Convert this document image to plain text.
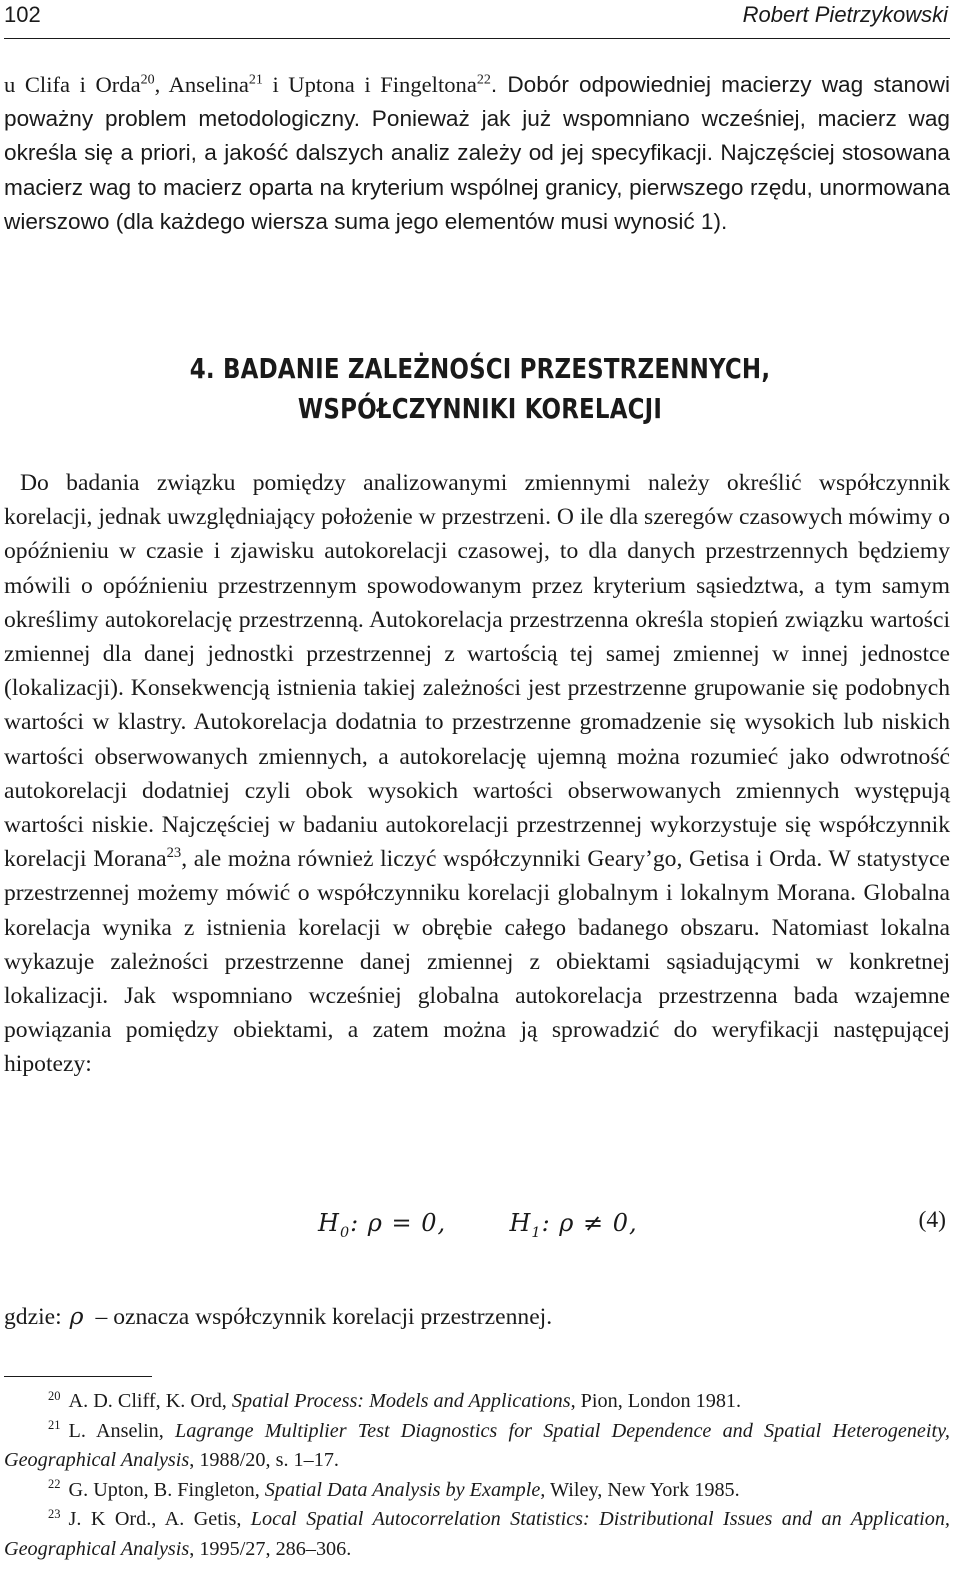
102	Robert Pietrzykowski

u Clifa i Orda$^{20}$, Anselina$^{21}$ i Uptona i Fingeltona$^{22}$. Dobór odpowiedniej macierzy wag stanowi poważny problem metodologiczny. Ponieważ jak już wspomniano wcześniej, macierz wag określa się a priori, a jakość dalszych analiz zależy od jej specyfikacji. Najczęściej stosowana macierz wag to macierz oparta na kryterium wspólnej granicy, pierwszego rzędu, unormowana wierszowo (dla każdego wiersza suma jego elementów musi wynosić 1).

4. BADANIE ZALEŻNOŚCI PRZESTRZENNYCH,
WSPÓŁCZYNNIKI KORELACJI

Do badania związku pomiędzy analizowanymi zmiennymi należy określić współczynnik korelacji, jednak uwzględniający położenie w przestrzeni. O ile dla szeregów czasowych mówimy o opóźnieniu w czasie i zjawisku autokorelacji czasowej, to dla danych przestrzennych będziemy mówili o opóźnieniu przestrzennym spowodowanym przez kryterium sąsiedztwa, a tym samym określimy autokorelację przestrzenną. Autokorelacja przestrzenna określa stopień związku wartości zmiennej dla danej jednostki przestrzennej z wartością tej samej zmiennej w innej jednostce (lokalizacji). Konsekwencją istnienia takiej zależności jest przestrzenne grupowanie się podobnych wartości w klastry. Autokorelacja dodatnia to przestrzenne gromadzenie się wysokich lub niskich wartości obserwowanych zmiennych, a autokorelację ujemną można rozumieć jako odwrotność autokorelacji dodatniej czyli obok wysokich wartości obserwowanych zmiennych występują wartości niskie. Najczęściej w badaniu autokorelacji przestrzennej wykorzystuje się współczynnik korelacji Morana$^{23}$, ale można również liczyć współczynniki Geary’go, Getisa i Orda. W statystyce przestrzennej możemy mówić o współczynniku korelacji globalnym i lokalnym Morana. Globalna korelacja wynika z istnienia korelacji w obrębie całego badanego obszaru. Natomiast lokalna wykazuje zależności przestrzenne danej zmiennej z obiektami sąsiadującymi w konkretnej lokalizacji. Jak wspomniano wcześniej globalna autokorelacja przestrzenna bada wzajemne powiązania pomiędzy obiektami, a zatem można ją sprowadzić do weryfikacji następującej hipotezy:

$H_0$: ρ = 0,	$H_1$: ρ ≠ 0,	(4)
gdzie: ρ – oznacza współczynnik korelacji przestrzennej.

$^{20}$ A. D. Cliff, K. Ord, Spatial Process: Models and Applications, Pion, London 1981.

$^{21}$ L. Anselin, Lagrange Multiplier Test Diagnostics for Spatial Dependence and Spatial Heterogeneity, Geographical Analysis, 1988/20, s. 1–17.

$^{22}$ G. Upton, B. Fingleton, Spatial Data Analysis by Example, Wiley, New York 1985.

$^{23}$ J. K Ord., A. Getis, Local Spatial Autocorrelation Statistics: Distributional Issues and an Application, Geographical Analysis, 1995/27, 286–306.
